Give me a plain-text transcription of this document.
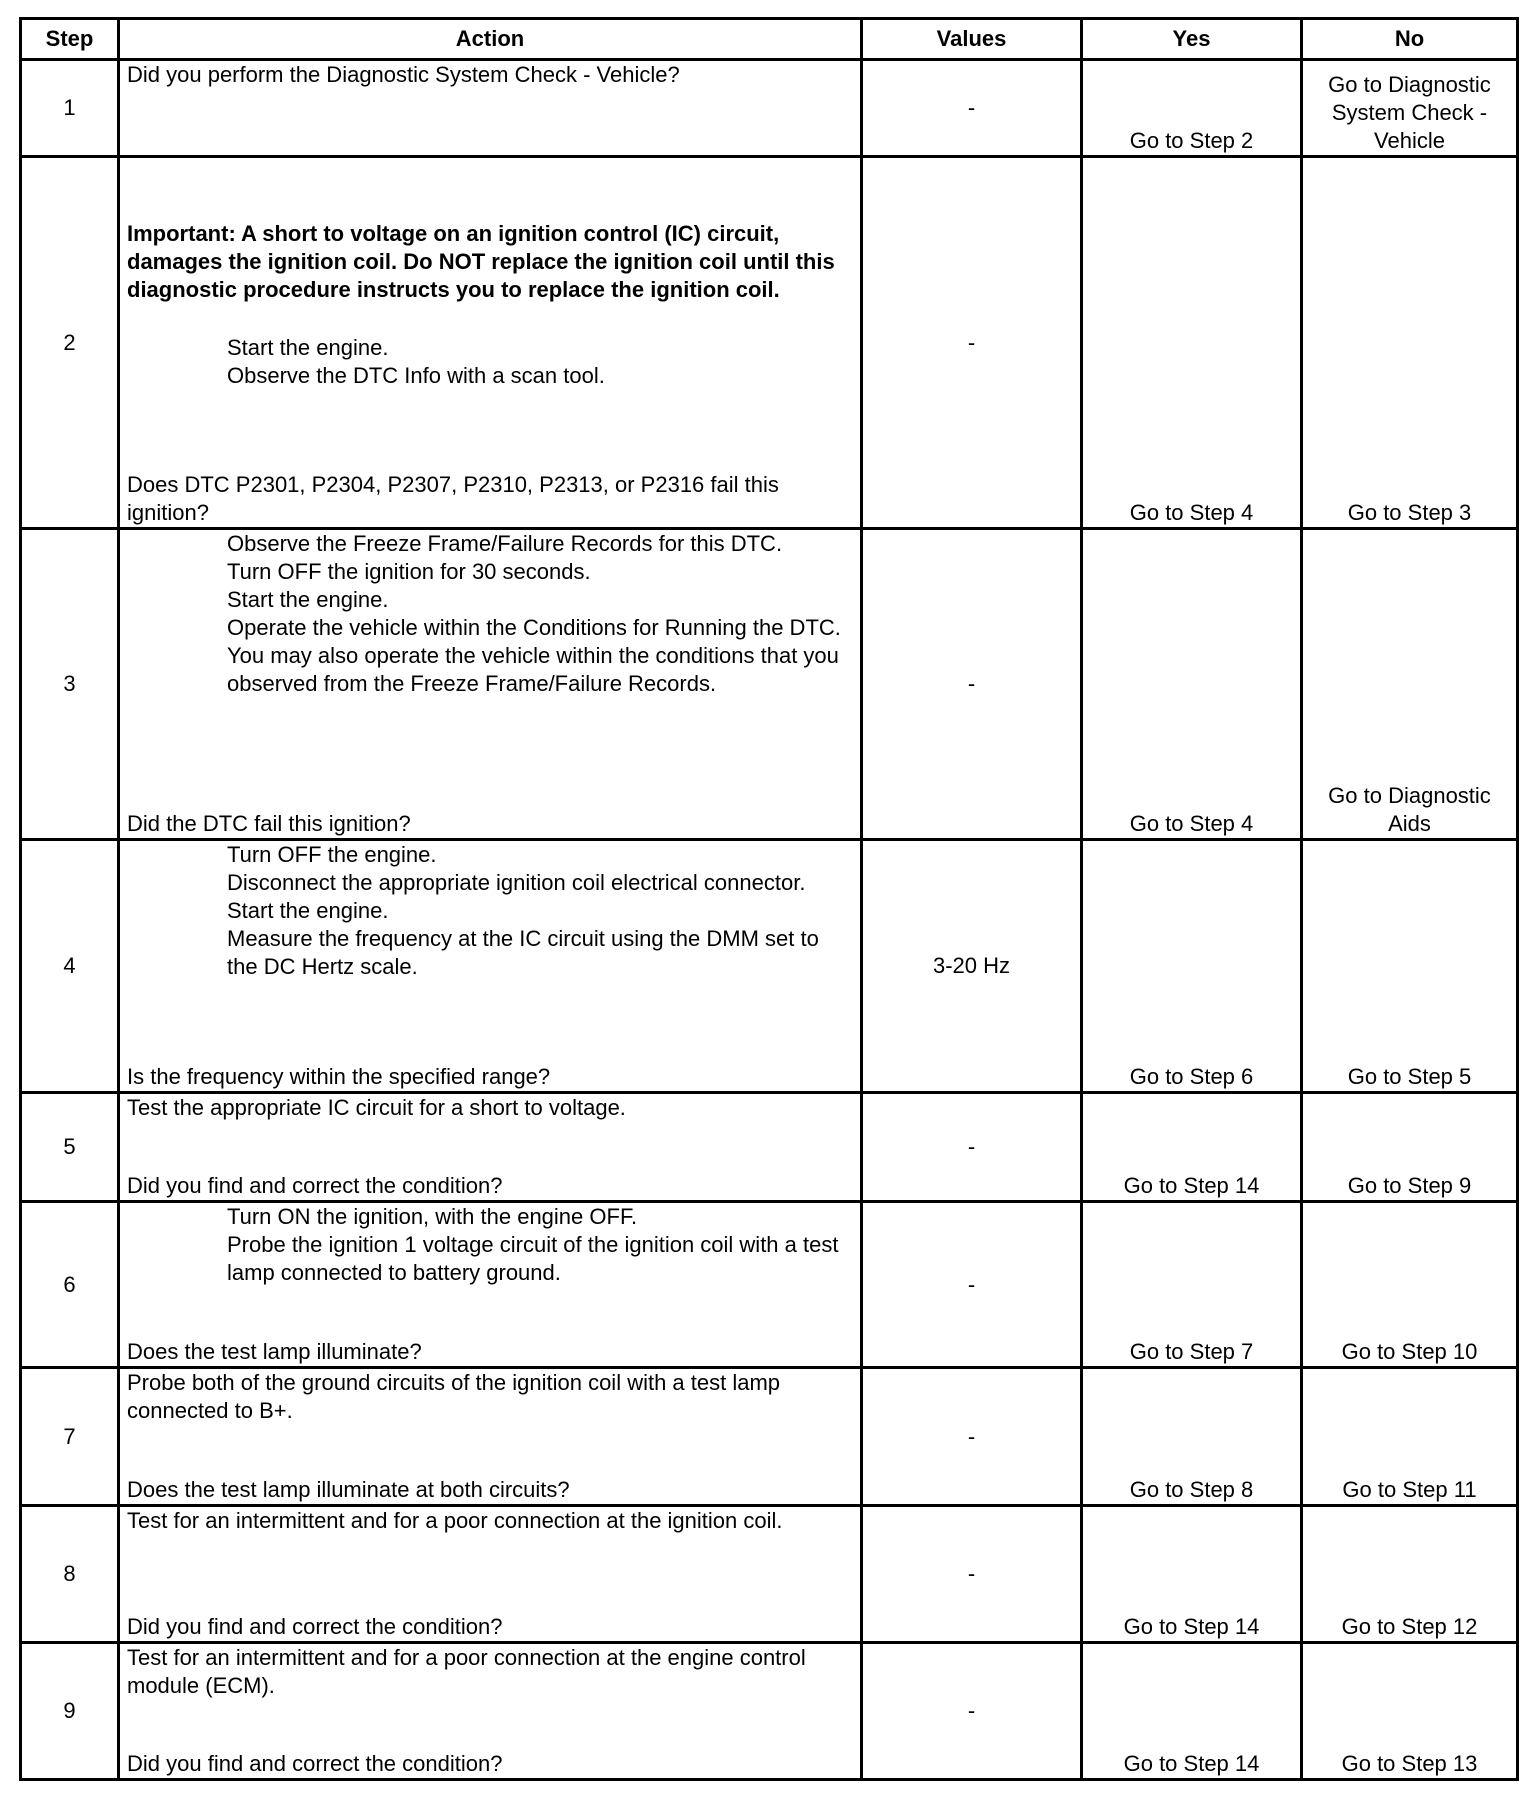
Step	Action	Values	Yes	No
1	Did you perform the Diagnostic System Check - Vehicle?	-	Go to Step 2	Go to Diagnostic System Check - Vehicle
2	Important: A short to voltage on an ignition control (IC) circuit, damages the ignition coil. Do NOT replace the ignition coil until this diagnostic procedure instructs you to replace the ignition coil.

Start the engine.

Observe the DTC Info with a scan tool.

Does DTC P2301, P2304, P2307, P2310, P2313, or P2316 fail this ignition?	-	Go to Step 4	Go to Step 3
3	Observe the Freeze Frame/Failure Records for this DTC.

Turn OFF the ignition for 30 seconds.

Start the engine.

Operate the vehicle within the Conditions for Running the DTC. You may also operate the vehicle within the conditions that you observed from the Freeze Frame/Failure Records.

Did the DTC fail this ignition?	-	Go to Step 4	Go to Diagnostic Aids
4	Turn OFF the engine.

Disconnect the appropriate ignition coil electrical connector.

Start the engine.

Measure the frequency at the IC circuit using the DMM set to the DC Hertz scale.

Is the frequency within the specified range?	3-20 Hz	Go to Step 6	Go to Step 5
5	Test the appropriate IC circuit for a short to voltage.

Did you find and correct the condition?	-	Go to Step 14	Go to Step 9
6	Turn ON the ignition, with the engine OFF.

Probe the ignition 1 voltage circuit of the ignition coil with a test lamp connected to battery ground.

Does the test lamp illuminate?	-	Go to Step 7	Go to Step 10
7	Probe both of the ground circuits of the ignition coil with a test lamp connected to B+.

Does the test lamp illuminate at both circuits?	-	Go to Step 8	Go to Step 11
8	Test for an intermittent and for a poor connection at the ignition coil.

Did you find and correct the condition?	-	Go to Step 14	Go to Step 12
9	Test for an intermittent and for a poor connection at the engine control module (ECM).

Did you find and correct the condition?	-	Go to Step 14	Go to Step 13
